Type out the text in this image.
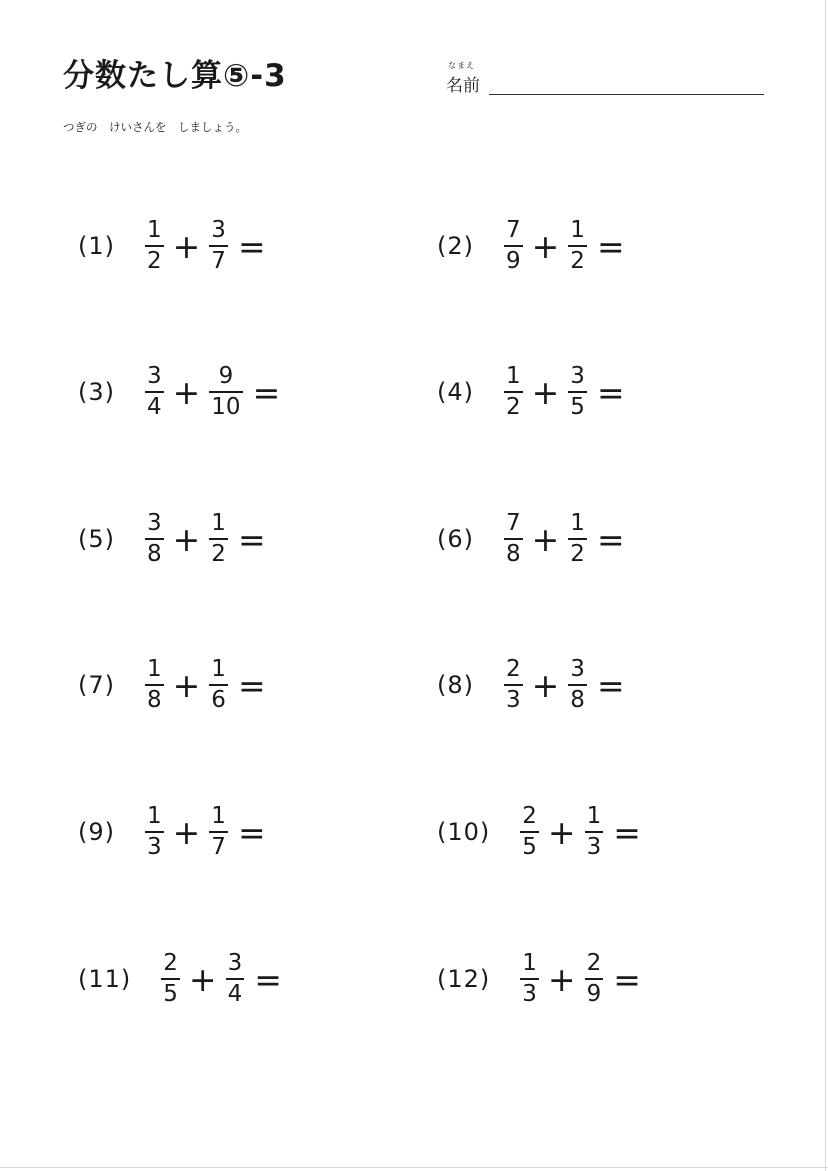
分数たし算⑤-3	なまえ
名前
つぎの　けいさんを　しましょう。
$(1) \frac{1}{2} + \frac{3}{7}$ =	$(2) \frac{7}{9} + \frac{1}{2}$ =
$(3) \frac{3}{4} + \frac{9}{10}$ =	$(4) \frac{1}{2} + \frac{3}{5}$ =
$(5) \frac{3}{8} + \frac{1}{2}$ =	$(6) \frac{7}{8} + \frac{1}{2}$ =
$(7) \frac{1}{8} + \frac{1}{6}$ =	$(8) \frac{2}{3} + \frac{3}{8}$ =
$(9) \frac{1}{3} + \frac{1}{7}$ =	$(10) \frac{2}{5} + \frac{1}{3}$ =
$(11) \frac{2}{5} + \frac{3}{4}$ =	$(12) \frac{1}{3} + \frac{2}{9}$ =
